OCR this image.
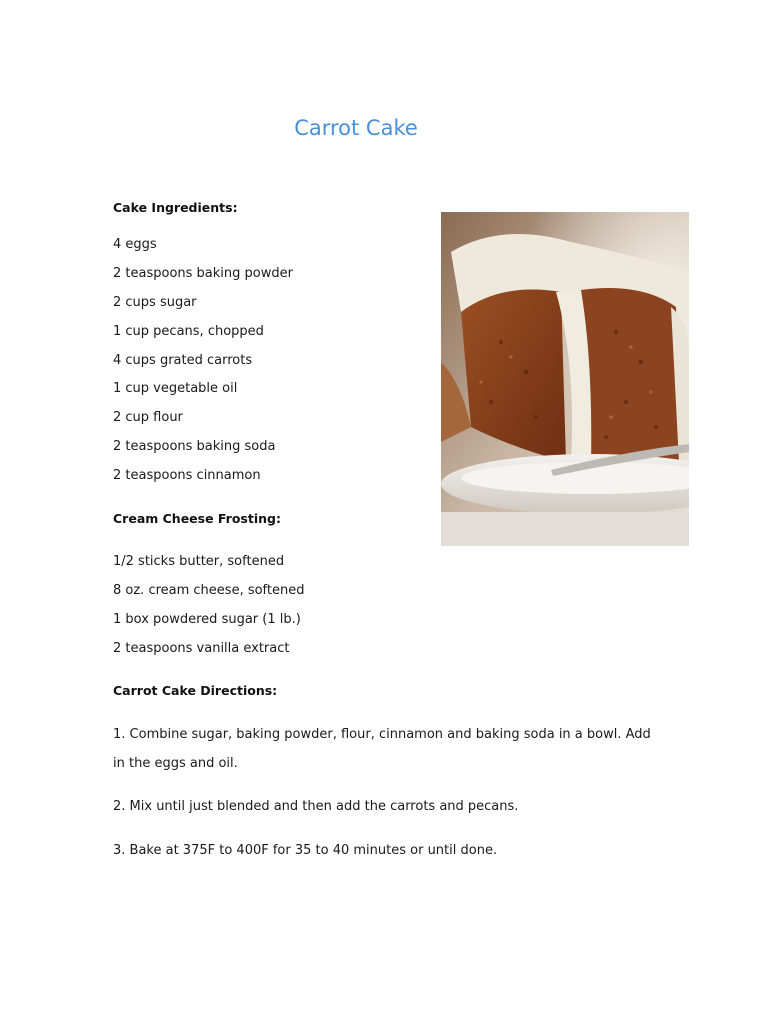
Carrot Cake
Cake Ingredients:
4 eggs
2 teaspoons baking powder
2 cups sugar
1 cup pecans, chopped
4 cups grated carrots
1 cup vegetable oil
2 cup flour
2 teaspoons baking soda
2 teaspoons cinnamon
Cream Cheese Frosting:
1/2 sticks butter, softened
8 oz. cream cheese, softened
1 box powdered sugar (1 lb.)
2 teaspoons vanilla extract
Carrot Cake Directions:
1. Combine sugar, baking powder, flour, cinnamon and baking soda in a bowl. Add in the eggs and oil.
2. Mix until just blended and then add the carrots and pecans.
3. Bake at 375F to 400F for 35 to 40 minutes or until done.
